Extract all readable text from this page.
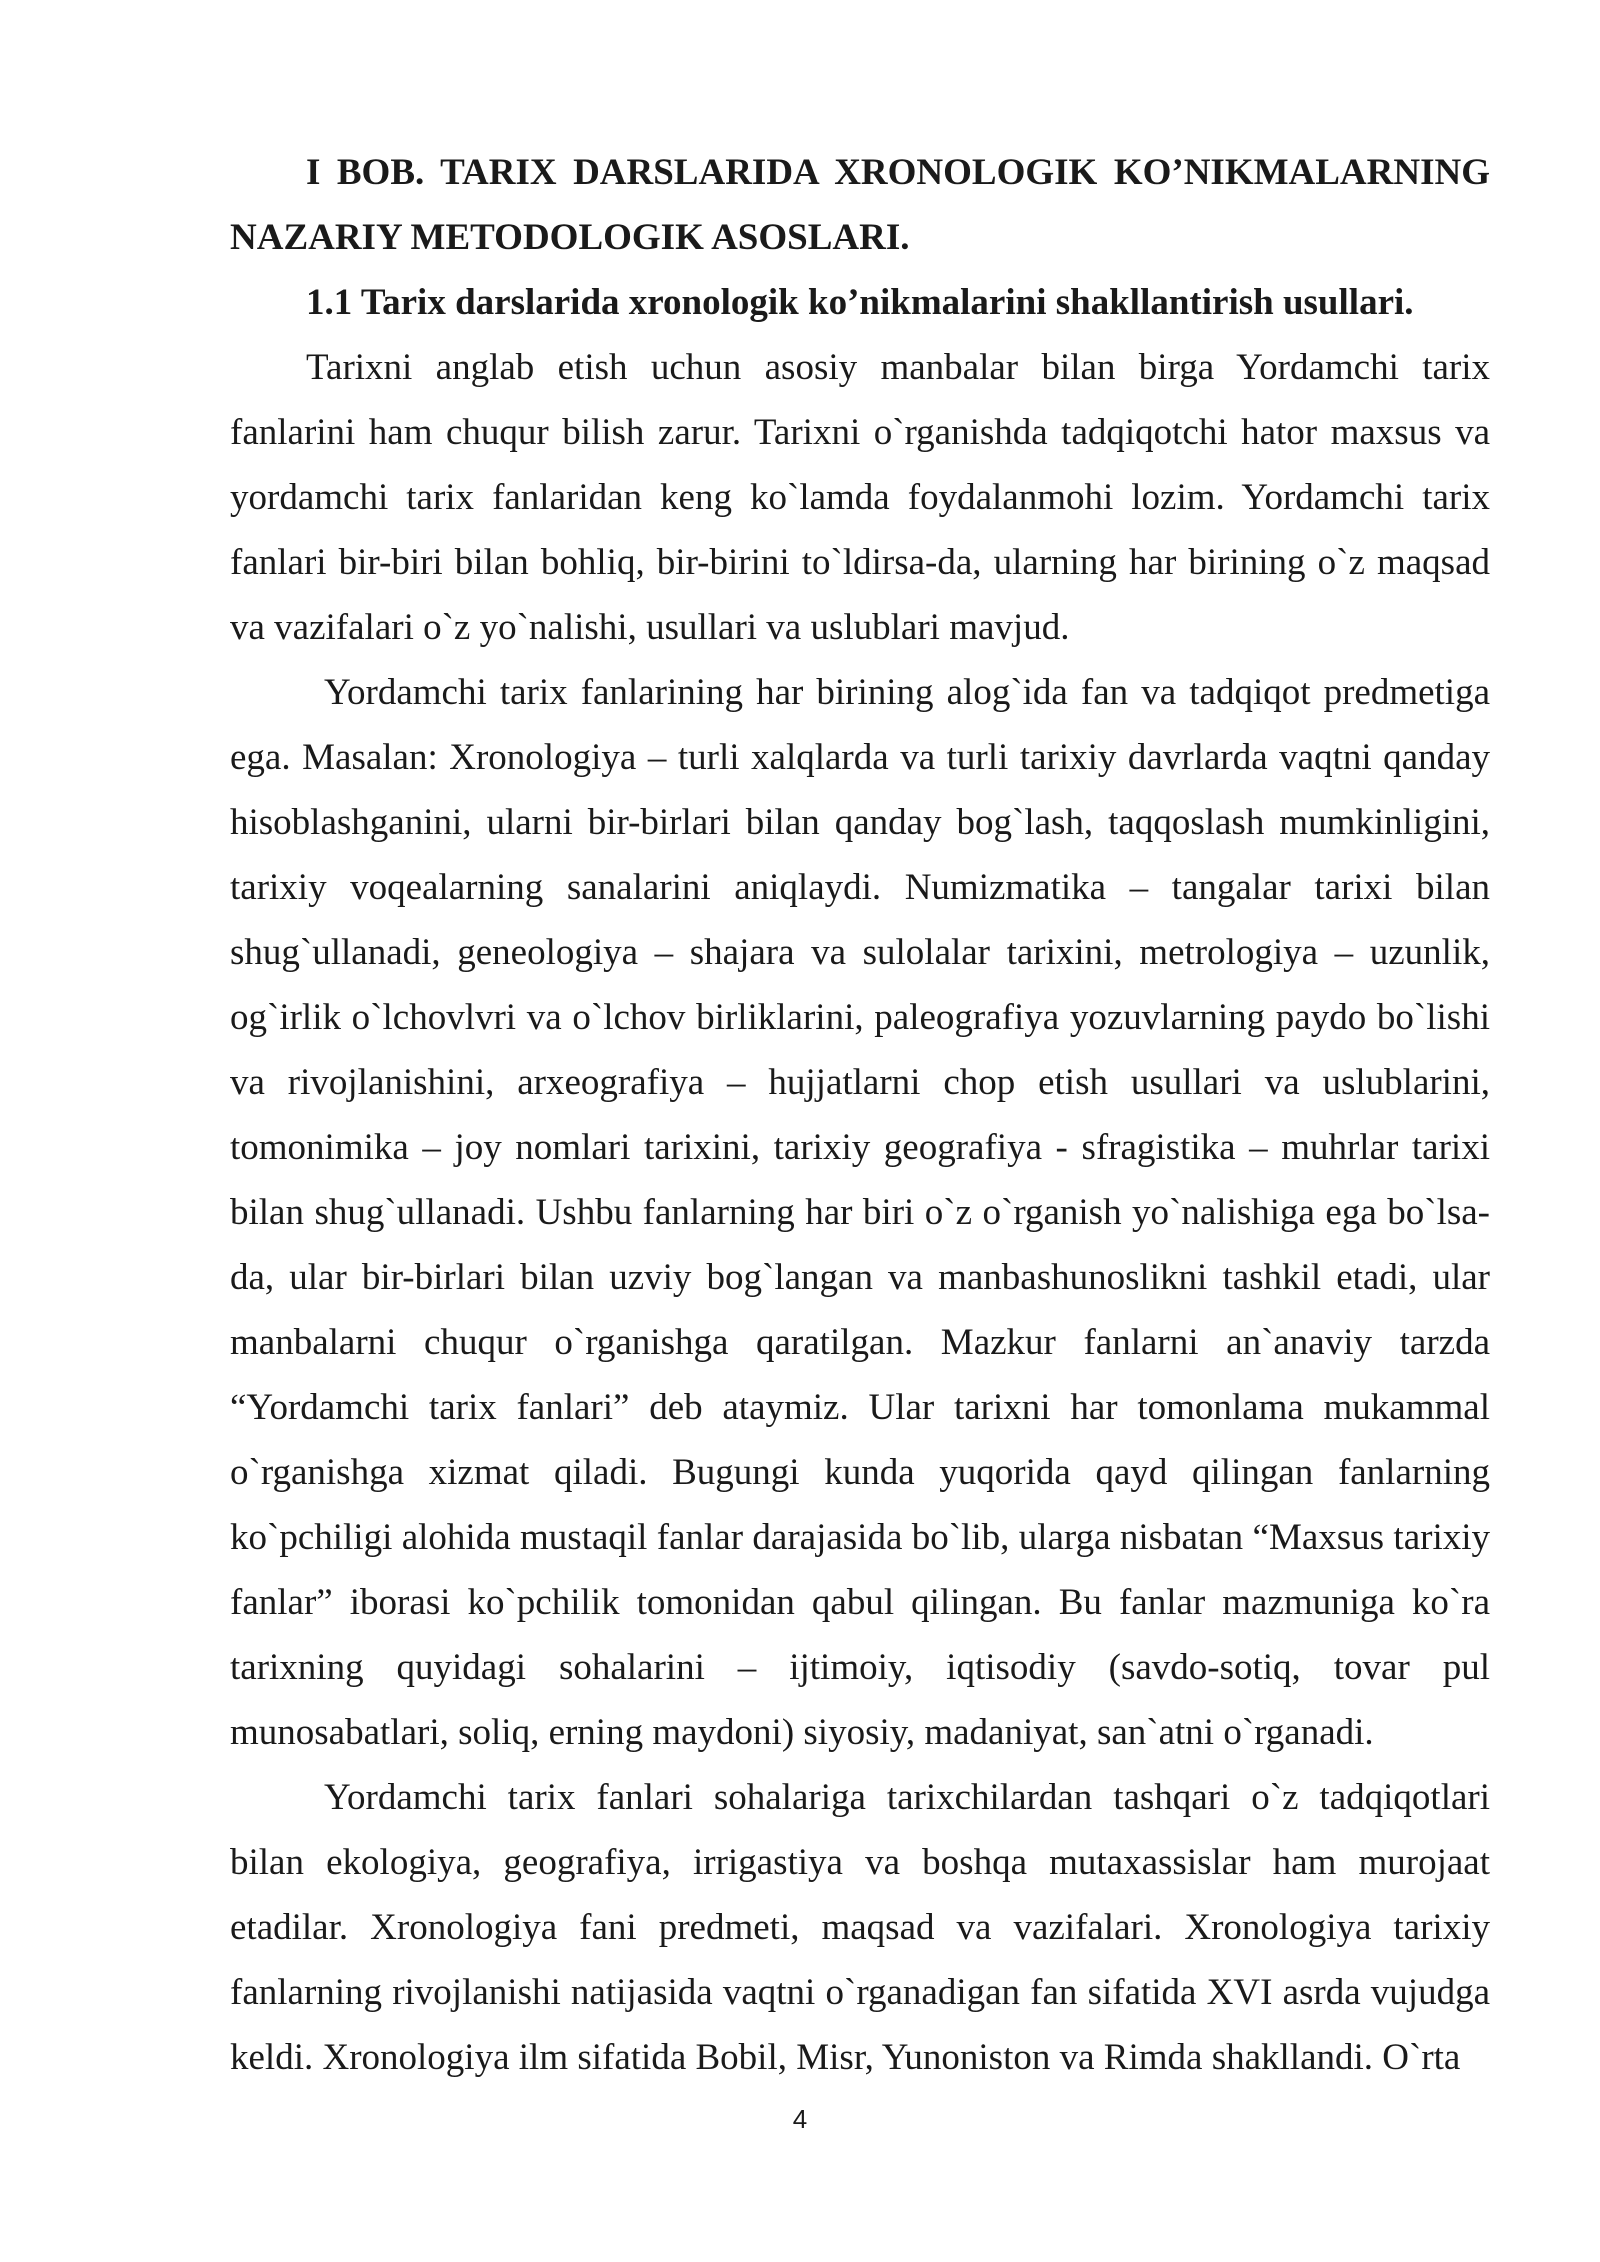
I BOB. TARIX DARSLARIDA XRONOLOGIK KO’NIKMALARNING NAZARIY METODOLOGIK ASOSLARI.

1.1 Tarix darslarida xronologik ko’nikmalarini shakllantirish usullari.

Tarixni anglab etish uchun asosiy manbalar bilan birga Yordamchi tarix fanlarini ham chuqur bilish zarur. Tarixni o`rganishda tadqiqotchi hator maxsus va yordamchi tarix fanlaridan keng ko`lamda foydalanmohi lozim. Yordamchi tarix fanlari bir-biri bilan bohliq, bir-birini to`ldirsa-da, ularning har birining o`z maqsad va vazifalari o`z yo`nalishi, usullari va uslublari mavjud.

Yordamchi tarix fanlarining har birining alog`ida fan va tadqiqot predmetiga ega. Masalan: Xronologiya – turli xalqlarda va turli tarixiy davrlarda vaqtni qanday hisoblashganini, ularni bir-birlari bilan qanday bog`lash, taqqoslash mumkinligini, tarixiy voqealarning sanalarini aniqlaydi. Numizmatika – tangalar tarixi bilan shug`ullanadi, geneologiya – shajara va sulolalar tarixini, metrologiya – uzunlik, og`irlik o`lchovlvri va o`lchov birliklarini, paleografiya yozuvlarning paydo bo`lishi va rivojlanishini, arxeografiya – hujjatlarni chop etish usullari va uslublarini, tomonimika – joy nomlari tarixini, tarixiy geografiya - sfragistika – muhrlar tarixi bilan shug`ullanadi. Ushbu fanlarning har biri o`z o`rganish yo`nalishiga ega bo`lsa-da, ular bir-birlari bilan uzviy bog`langan va manbashunoslikni tashkil etadi, ular manbalarni chuqur o`rganishga qaratilgan. Mazkur fanlarni an`anaviy tarzda “Yordamchi tarix fanlari” deb ataymiz. Ular tarixni har tomonlama mukammal o`rganishga xizmat qiladi. Bugungi kunda yuqorida qayd qilingan fanlarning ko`pchiligi alohida mustaqil fanlar darajasida bo`lib, ularga nisbatan “Maxsus tarixiy fanlar” iborasi ko`pchilik tomonidan qabul qilingan. Bu fanlar mazmuniga ko`ra tarixning quyidagi sohalarini – ijtimoiy, iqtisodiy (savdo-sotiq, tovar pul munosabatlari, soliq, erning maydoni) siyosiy, madaniyat, san`atni o`rganadi.

Yordamchi tarix fanlari sohalariga tarixchilardan tashqari o`z tadqiqotlari bilan ekologiya, geografiya, irrigastiya va boshqa mutaxassislar ham murojaat etadilar. Xronologiya fani predmeti, maqsad va vazifalari. Xronologiya tarixiy fanlarning rivojlanishi natijasida vaqtni o`rganadigan fan sifatida XVI asrda vujudga keldi. Xronologiya ilm sifatida Bobil, Misr, Yunoniston va Rimda shakllandi. O`rta

4
